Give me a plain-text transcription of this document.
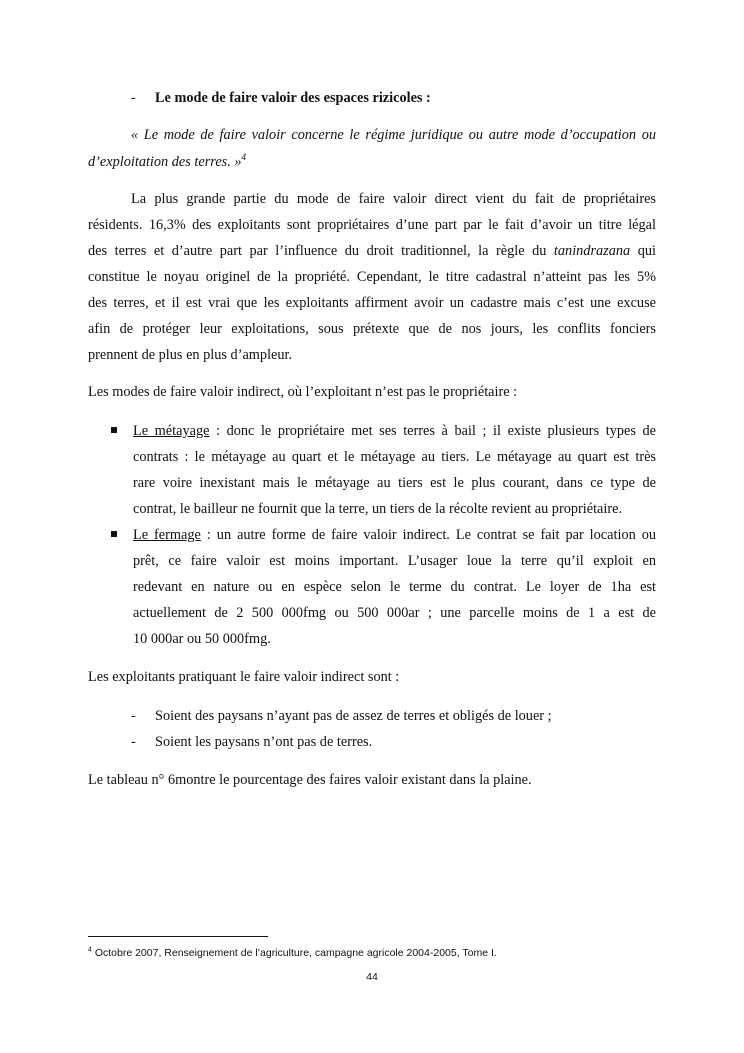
- Le mode de faire valoir des espaces rizicoles :
« Le mode de faire valoir concerne le régime juridique ou autre mode d’occupation ou
d’exploitation des terres. »$^4$
La plus grande partie du mode de faire valoir direct vient du fait de propriétaires
résidents. 16,3% des exploitants sont propriétaires d’une part par le fait d’avoir un titre légal
des terres et d’autre part par l’influence du droit traditionnel, la règle du tanindrazana qui
constitue le noyau originel de la propriété. Cependant, le titre cadastral n’atteint pas les 5%
des terres, et il est vrai que les exploitants affirment avoir un cadastre mais c’est une excuse
afin de protéger leur exploitations, sous prétexte que de nos jours, les conflits fonciers
prennent de plus en plus d’ampleur.
Les modes de faire valoir indirect, où l’exploitant n’est pas le propriétaire :
Le métayage : donc le propriétaire met ses terres à bail ; il existe plusieurs types de
contrats : le métayage au quart et le métayage au tiers. Le métayage au quart est très
rare voire inexistant mais le métayage au tiers est le plus courant, dans ce type de
contrat, le bailleur ne fournit que la terre, un tiers de la récolte revient au propriétaire.
Le fermage : un autre forme de faire valoir indirect. Le contrat se fait par location ou
prêt, ce faire valoir est moins important. L’usager loue la terre qu’il exploit en
redevant en nature ou en espèce selon le terme du contrat. Le loyer de 1ha est
actuellement de 2 500 000fmg ou 500 000ar ; une parcelle moins de 1 a est de
10 000ar ou 50 000fmg.
Les exploitants pratiquant le faire valoir indirect sont :
- Soient des paysans n’ayant pas de assez de terres et obligés de louer ;
- Soient les paysans n’ont pas de terres.
Le tableau n° 6montre le pourcentage des faires valoir existant dans la plaine.
$^4$ Octobre 2007, Renseignement de l’agriculture, campagne agricole 2004-2005, Tome I.
44
